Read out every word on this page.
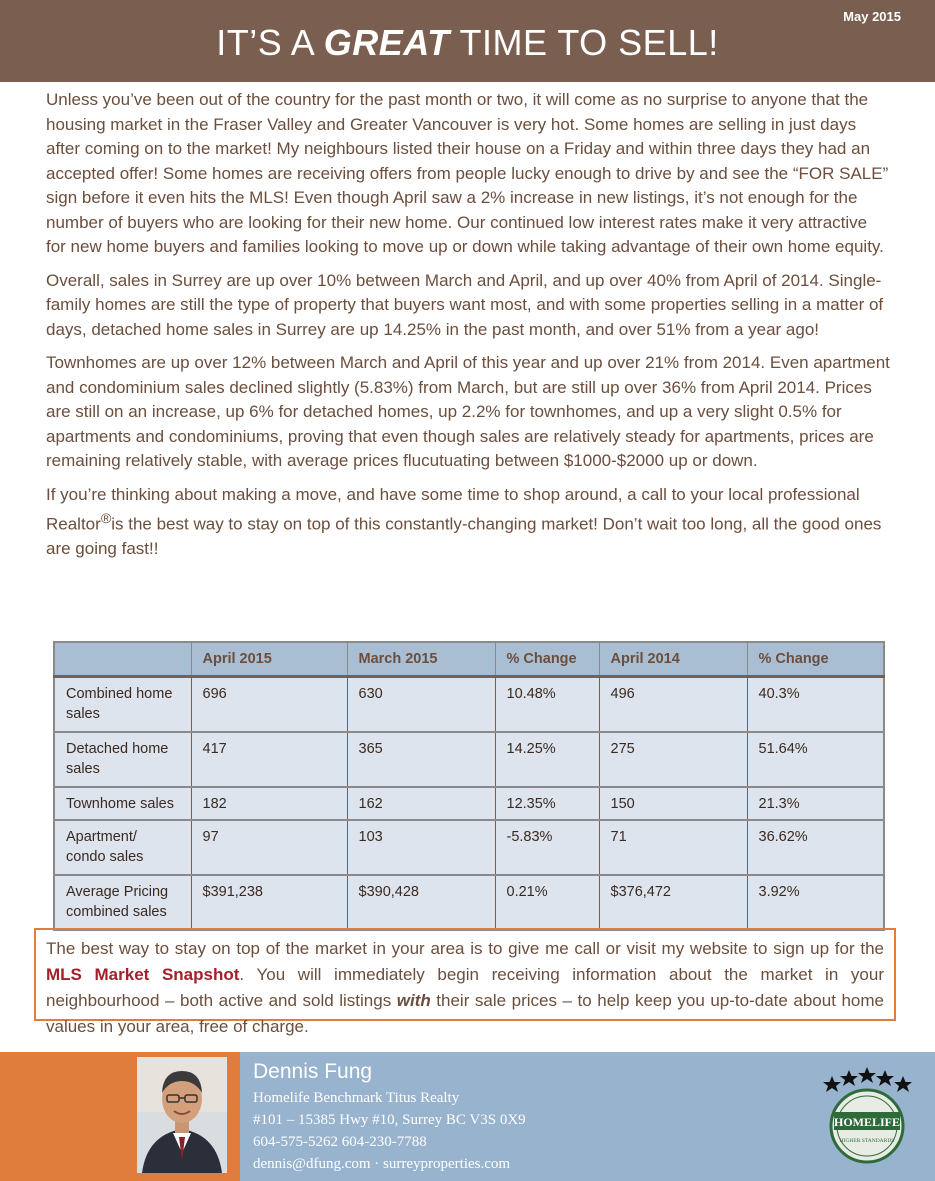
May 2015
IT’S A GREAT TIME TO SELL!

Unless you’ve been out of the country for the past month or two, it will come as no surprise to anyone that the housing market in the Fraser Valley and Greater Vancouver is very hot. Some homes are selling in just days after coming on to the market! My neighbours listed their house on a Friday and within three days they had an accepted offer! Some homes are receiving offers from people lucky enough to drive by and see the “FOR SALE” sign before it even hits the MLS! Even though April saw a 2% increase in new listings, it’s not enough for the number of buyers who are looking for their new home. Our continued low interest rates make it very attractive for new home buyers and families looking to move up or down while taking advantage of their own home equity.

Overall, sales in Surrey are up over 10% between March and April, and up over 40% from April of 2014. Single-family homes are still the type of property that buyers want most, and with some properties selling in a matter of days, detached home sales in Surrey are up 14.25% in the past month, and over 51% from a year ago!

Townhomes are up over 12% between March and April of this year and up over 21% from 2014. Even apartment and condominium sales declined slightly (5.83%) from March, but are still up over 36% from April 2014. Prices are still on an increase, up 6% for detached homes, up 2.2% for townhomes, and up a very slight 0.5% for apartments and condominiums, proving that even though sales are relatively steady for apartments, prices are remaining relatively stable, with average prices flucutuating between $1000-$2000 up or down.

If you’re thinking about making a move, and have some time to shop around, a call to your local professional Realtor®is the best way to stay on top of this constantly-changing market! Don’t wait too long, all the good ones are going fast!!

	April 2015	March 2015	% Change	April 2014	% Change
Combined home sales	696	630	10.48%	496	40.3%
Detached home sales	417	365	14.25%	275	51.64%
Townhome sales	182	162	12.35%	150	21.3%
Apartment/ condo sales	97	103	-5.83%	71	36.62%
Average Pricing combined sales	$391,238	$390,428	0.21%	$376,472	3.92%
The best way to stay on top of the market in your area is to give me call or visit my website to sign up for the MLS Market Snapshot. You will immediately begin receiving information about the market in your neighbourhood – both active and sold listings with their sale prices – to help keep you up-to-date about home values in your area, free of charge.
Dennis Fung
Homelife Benchmark Titus Realty
#101 – 15385 Hwy #10, Surrey BC V3S 0X9
604-575-5262 604-230-7788
dennis@dfung.com · surreyproperties.com
HOMELIFE
HIGHER STANDARDS
